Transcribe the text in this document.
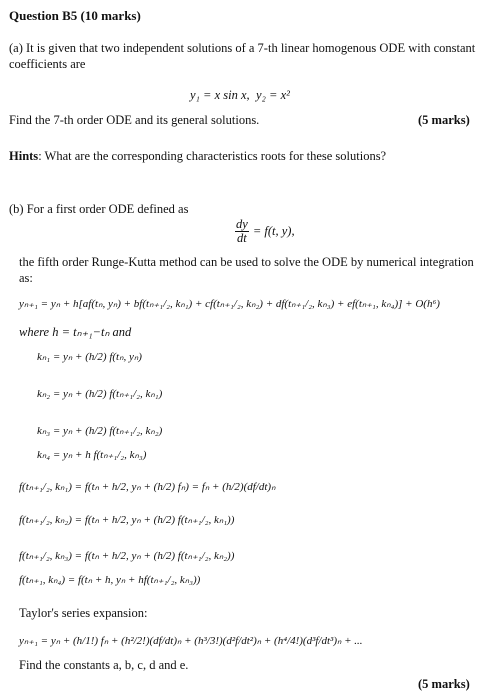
Question B5 (10 marks)
(a) It is given that two independent solutions of a 7-th linear homogenous ODE with constant coefficients are
y₁ = x sin x, y₂ = x²
Find the 7-th order ODE and its general solutions.	(5 marks)
Hints: What are the corresponding characteristics roots for these solutions?
(b) For a first order ODE defined as
$\frac{dy}{dt} = f(t$, y),
the fifth order Runge-Kutta method can be used to solve the ODE by numerical integration as:
yₙ₊₁ = yₙ + h[af(tₙ, yₙ) + bf(tₙ₊₁/₂, kₙ₁) + cf(tₙ₊₁/₂, kₙ₂) + df(tₙ₊₁/₂, kₙ₃) + ef(tₙ₊₁, kₙ₄)] + O(h⁶)
where h = tₙ₊₁−tₙ and
kₙ₁ = yₙ + (h/2) f(tₙ, yₙ)
kₙ₂ = yₙ + (h/2) f(tₙ₊₁/₂, kₙ₁)
kₙ₃ = yₙ + (h/2) f(tₙ₊₁/₂, kₙ₂)
kₙ₄ = yₙ + h f(tₙ₊₁/₂, kₙ₃)
f(tₙ₊₁/₂, kₙ₁) = f(tₙ + h/2, yₙ + (h/2) fₙ) = fₙ + (h/2)(df/dt)ₙ
f(tₙ₊₁/₂, kₙ₂) = f(tₙ + h/2, yₙ + (h/2) f(tₙ₊₁/₂, kₙ₁))
f(tₙ₊₁/₂, kₙ₃) = f(tₙ + h/2, yₙ + (h/2) f(tₙ₊₁/₂, kₙ₂))
f(tₙ₊₁, kₙ₄) = f(tₙ + h, yₙ + hf(tₙ₊₁/₂, kₙ₃))
Taylor's series expansion:
yₙ₊₁ = yₙ + (h/1!) fₙ + (h²/2!)(df/dt)ₙ + (h³/3!)(d²f/dt²)ₙ + (h⁴/4!)(d³f/dt³)ₙ + ...
Find the constants a, b, c, d and e.
(5 marks)
